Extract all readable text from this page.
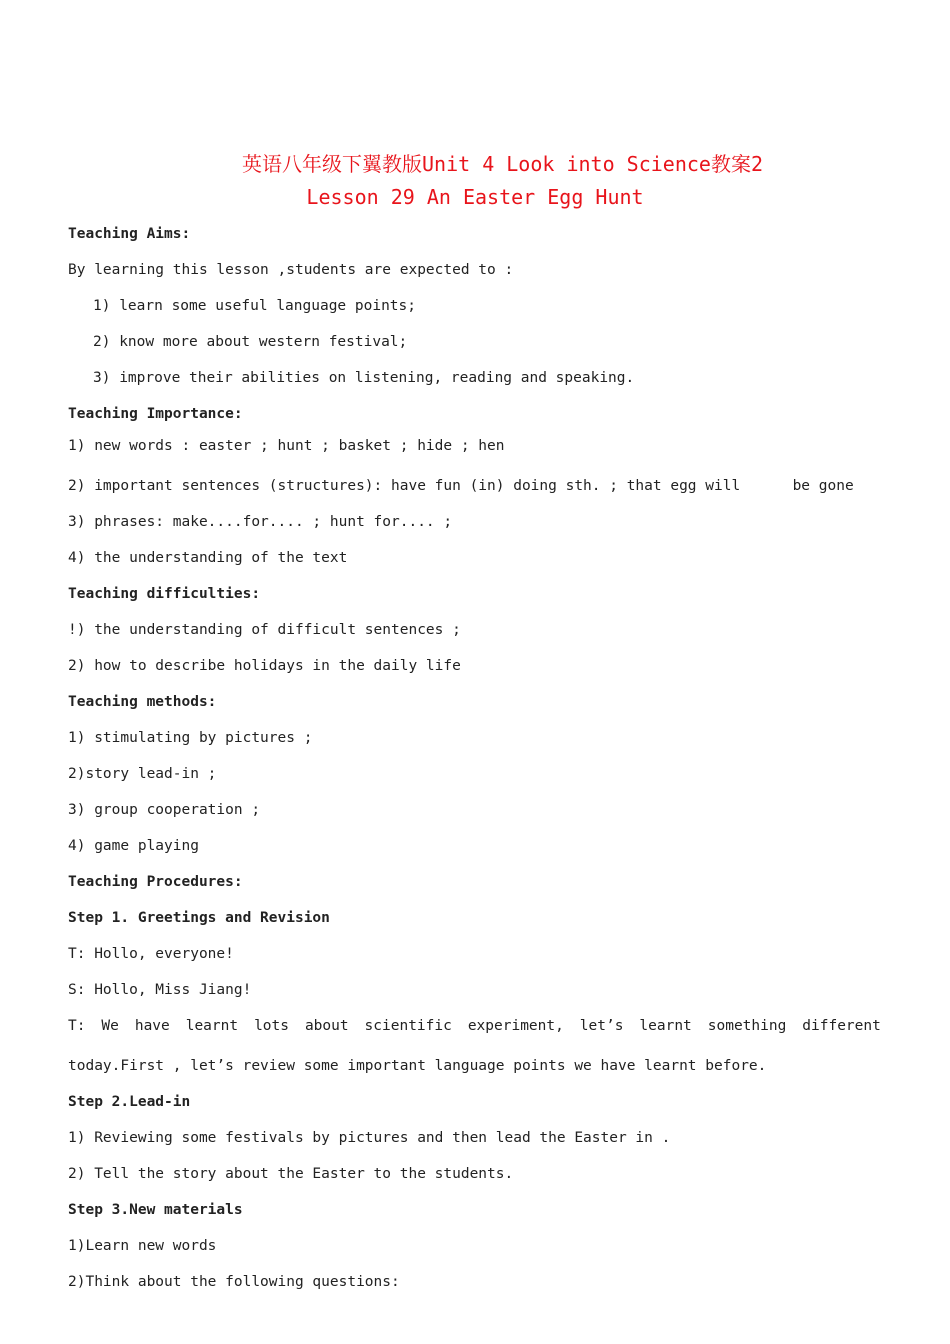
英语八年级下翼教版Unit 4 Look into Science教案2
Lesson 29 An Easter Egg Hunt
Teaching Aims:
By learning this lesson ,students are expected to :
1) learn some useful language points;
2) know more about western festival;
3) improve their abilities on listening, reading and speaking.
Teaching Importance:
1) new words : easter ; hunt ; basket ; hide ; hen
2) important sentences (structures): have fun (in) doing sth. ; that egg will      be gone
3) phrases: make....for.... ; hunt for.... ;
4) the understanding of the text
Teaching difficulties:
!) the understanding of difficult sentences ;
2) how to describe holidays in the daily life
Teaching methods:
1) stimulating by pictures ;
2)story lead-in ;
3) group cooperation ;
4) game playing
Teaching Procedures:
Step 1. Greetings and Revision
T: Hollo, everyone!
S: Hollo, Miss Jiang!
T: We have learnt lots about scientific experiment, let’s learnt something different
today.First , let’s review some important language points we have learnt before.
Step 2.Lead-in
1) Reviewing some festivals by pictures and then lead the Easter in .
2) Tell the story about the Easter to the students.
Step 3.New materials
1)Learn new words
2)Think about the following questions:
